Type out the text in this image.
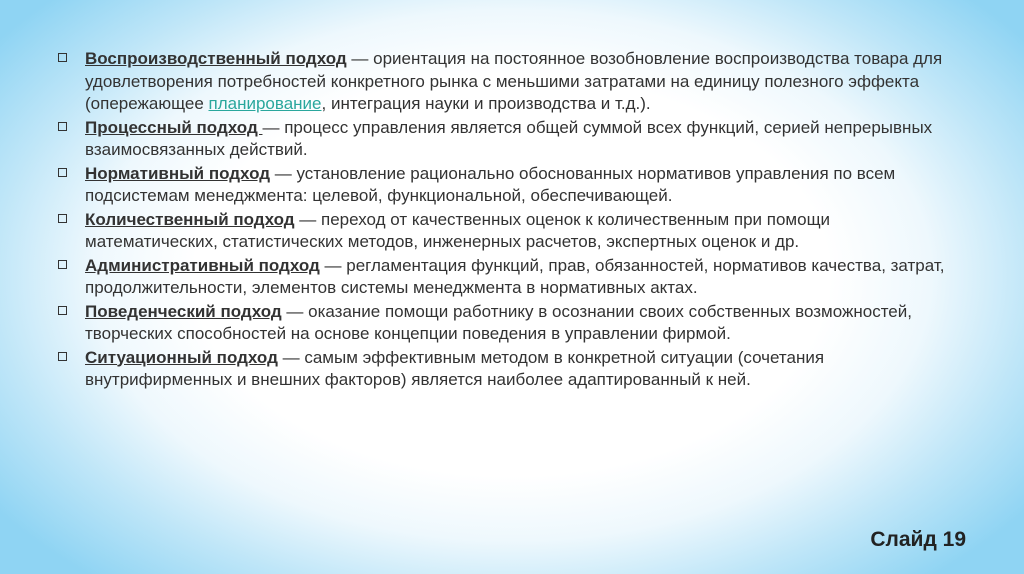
Воспроизводственный подход — ориентация на постоянное возобновление воспроизводства товара для удовлетворения потребностей конкретного рынка с меньшими затратами на единицу полезного эффекта (опережающее планирование, интеграция науки и производства и т.д.).
Процессный подход — процесс управления является общей суммой всех функций, серией непрерывных взаимосвязанных действий.
Нормативный подход — установление рационально обоснованных нормативов управления по всем подсистемам менеджмента: целевой, функциональной, обеспечивающей.
Количественный подход — переход от качественных оценок к количественным при помощи математических, статистических методов, инженерных расчетов, экспертных оценок и др.
Административный подход — регламентация функций, прав, обязанностей, нормативов качества, затрат, продолжительности, элементов системы менеджмента в нормативных актах.
Поведенческий подход — оказание помощи работнику в осознании своих собственных возможностей, творческих способностей на основе концепции поведения в управлении фирмой.
Ситуационный подход — самым эффективным методом в конкретной ситуации (сочетания внутрифирменных и внешних факторов) является наиболее адаптированный к ней.
Слайд 19
